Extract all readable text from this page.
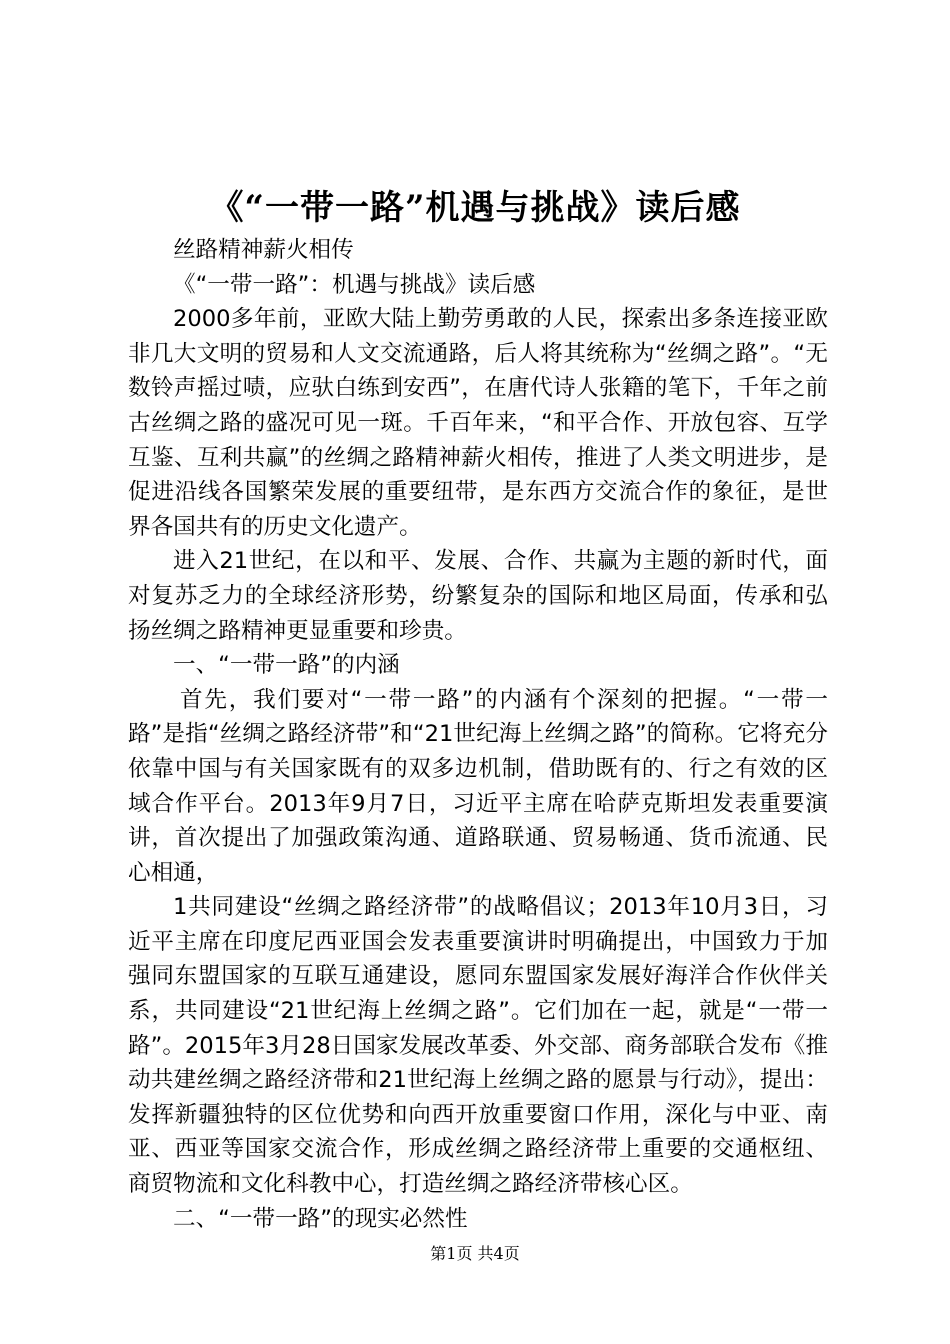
《“一带一路”机遇与挑战》读后感

丝路精神薪火相传

《“一带一路”：机遇与挑战》读后感

2000多年前，亚欧大陆上勤劳勇敢的人民，探索出多条连接亚欧非几大文明的贸易和人文交流通路，后人将其统称为“丝绸之路”。“无数铃声摇过啧，应驮白练到安西”，在唐代诗人张籍的笔下，千年之前古丝绸之路的盛况可见一斑。千百年来，“和平合作、开放包容、互学互鉴、互利共赢”的丝绸之路精神薪火相传，推进了人类文明进步，是促进沿线各国繁荣发展的重要纽带，是东西方交流合作的象征，是世界各国共有的历史文化遗产。

进入21世纪，在以和平、发展、合作、共赢为主题的新时代，面对复苏乏力的全球经济形势，纷繁复杂的国际和地区局面，传承和弘扬丝绸之路精神更显重要和珍贵。

一、“一带一路”的内涵

首先，我们要对“一带一路”的内涵有个深刻的把握。“一带一路”是指“丝绸之路经济带”和“21世纪海上丝绸之路”的简称。它将充分依靠中国与有关国家既有的双多边机制，借助既有的、行之有效的区域合作平台。2013年9月7日，习近平主席在哈萨克斯坦发表重要演讲，首次提出了加强政策沟通、道路联通、贸易畅通、货币流通、民心相通，

1共同建设“丝绸之路经济带”的战略倡议；2013年10月3日，习近平主席在印度尼西亚国会发表重要演讲时明确提出，中国致力于加强同东盟国家的互联互通建设，愿同东盟国家发展好海洋合作伙伴关系，共同建设“21世纪海上丝绸之路”。它们加在一起，就是“一带一路”。2015年3月28日国家发展改革委、外交部、商务部联合发布《推动共建丝绸之路经济带和21世纪海上丝绸之路的愿景与行动》，提出：发挥新疆独特的区位优势和向西开放重要窗口作用，深化与中亚、南亚、西亚等国家交流合作，形成丝绸之路经济带上重要的交通枢纽、商贸物流和文化科教中心，打造丝绸之路经济带核心区。

二、“一带一路”的现实必然性

第1页 共4页
